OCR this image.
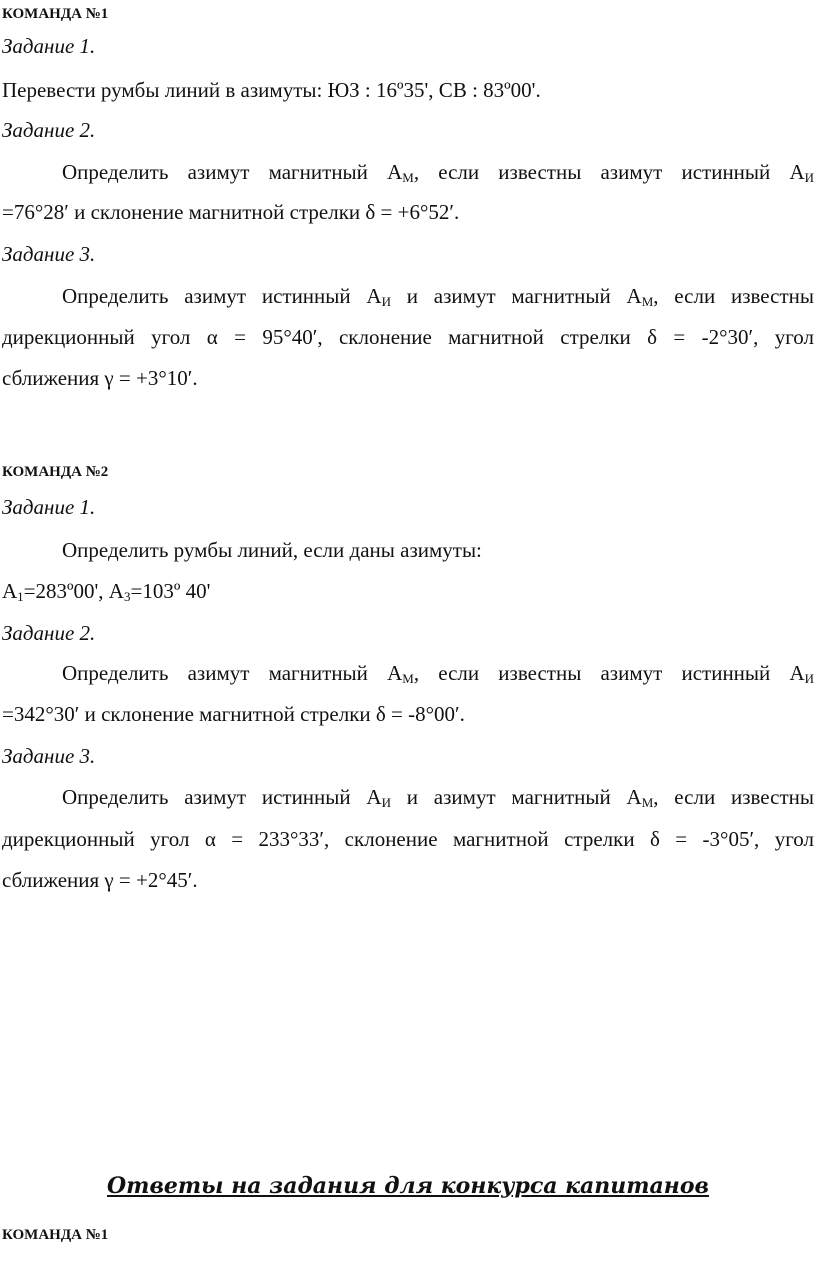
КОМАНДА №1
Задание 1.
Перевести румбы линий в азимуты: ЮЗ : 16º35', СВ : 83º00'.
Задание 2.
Определить азимут магнитный $А_М$, если известны азимут истинный $А_И$
=76°28′ и склонение магнитной стрелки δ = +6°52′.
Задание 3.
Определить азимут истинный $А_И$ и азимут магнитный $А_М$, если известны
дирекционный угол α = 95°40′, склонение магнитной стрелки δ = -2°30′, угол
сближения γ = +3°10′.
КОМАНДА №2
Задание 1.
Определить румбы линий, если даны азимуты:
$А_1=283º00'$, $А_3=103º$ 40'
Задание 2.
Определить азимут магнитный $А_М$, если известны азимут истинный $А_И$
=342°30′ и склонение магнитной стрелки δ = -8°00′.
Задание 3.
Определить азимут истинный $А_И$ и азимут магнитный $А_М$, если известны
дирекционный угол α = 233°33′, склонение магнитной стрелки δ = -3°05′, угол
сближения γ = +2°45′.
Ответы на задания для конкурса капитанов
КОМАНДА №1
